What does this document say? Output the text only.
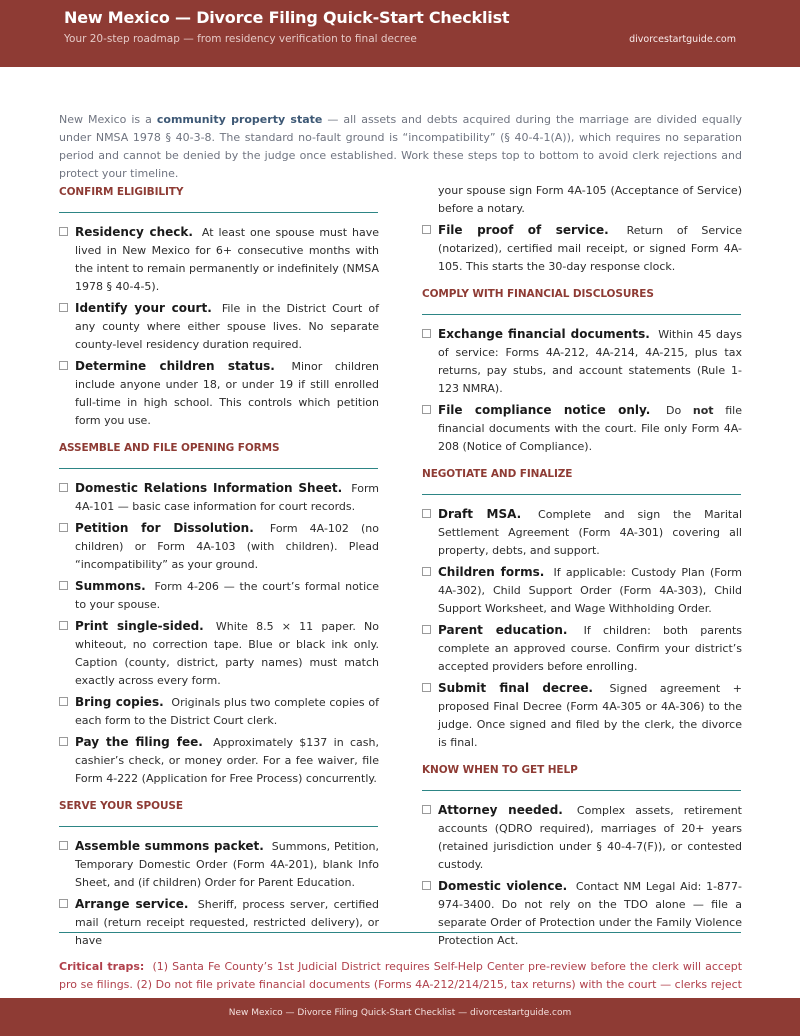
New Mexico — Divorce Filing Quick-Start Checklist
Your 20-step roadmap — from residency verification to final decree	divorcestartguide.com
New Mexico is a community property state — all assets and debts acquired during the marriage are divided equally under NMSA 1978 § 40-3-8. The standard no-fault ground is “incompatibility” (§ 40-4-1(A)), which requires no separation period and cannot be denied by the judge once established. Work these steps top to bottom to avoid clerk rejections and protect your timeline.
CONFIRM ELIGIBILITY
Residency check. At least one spouse must have lived in New Mexico for 6+ consecutive months with the intent to remain permanently or indefinitely (NMSA 1978 § 40-4-5).
Identify your court. File in the District Court of any county where either spouse lives. No separate county-level residency duration required.
Determine children status. Minor children include anyone under 18, or under 19 if still enrolled full-time in high school. This controls which petition form you use.
ASSEMBLE AND FILE OPENING FORMS
Domestic Relations Information Sheet. Form 4A-101 — basic case information for court records.
Petition for Dissolution. Form 4A-102 (no children) or Form 4A-103 (with children). Plead “incompatibility” as your ground.
Summons. Form 4-206 — the court’s formal notice to your spouse.
Print single-sided. White 8.5 × 11 paper. No whiteout, no correction tape. Blue or black ink only. Caption (county, district, party names) must match exactly across every form.
Bring copies. Originals plus two complete copies of each form to the District Court clerk.
Pay the filing fee. Approximately $137 in cash, cashier’s check, or money order. For a fee waiver, file Form 4-222 (Application for Free Process) concurrently.
SERVE YOUR SPOUSE
Assemble summons packet. Summons, Petition, Temporary Domestic Order (Form 4A-201), blank Info Sheet, and (if children) Order for Parent Education.
Arrange service. Sheriff, process server, certified mail (return receipt requested, restricted delivery), or have
your spouse sign Form 4A-105 (Acceptance of Service) before a notary.
File proof of service. Return of Service (notarized), certified mail receipt, or signed Form 4A-105. This starts the 30-day response clock.
COMPLY WITH FINANCIAL DISCLOSURES
Exchange financial documents. Within 45 days of service: Forms 4A-212, 4A-214, 4A-215, plus tax returns, pay stubs, and account statements (Rule 1-123 NMRA).
File compliance notice only. Do not file financial documents with the court. File only Form 4A-208 (Notice of Compliance).
NEGOTIATE AND FINALIZE
Draft MSA. Complete and sign the Marital Settlement Agreement (Form 4A-301) covering all property, debts, and support.
Children forms. If applicable: Custody Plan (Form 4A-302), Child Support Order (Form 4A-303), Child Support Worksheet, and Wage Withholding Order.
Parent education. If children: both parents complete an approved course. Confirm your district’s accepted providers before enrolling.
Submit final decree. Signed agreement + proposed Final Decree (Form 4A-305 or 4A-306) to the judge. Once signed and filed by the clerk, the divorce is final.
KNOW WHEN TO GET HELP
Attorney needed. Complex assets, retirement accounts (QDRO required), marriages of 20+ years (retained jurisdiction under § 40-4-7(F)), or contested custody.
Domestic violence. Contact NM Legal Aid: 1-877-974-3400. Do not rely on the TDO alone — file a separate Order of Protection under the Family Violence Protection Act.
Critical traps: (1) Santa Fe County’s 1st Judicial District requires Self-Help Center pre-review before the clerk will accept pro se filings. (2) Do not file private financial documents (Forms 4A-212/214/215, tax returns) with the court — clerks reject
New Mexico — Divorce Filing Quick-Start Checklist — divorcestartguide.com
